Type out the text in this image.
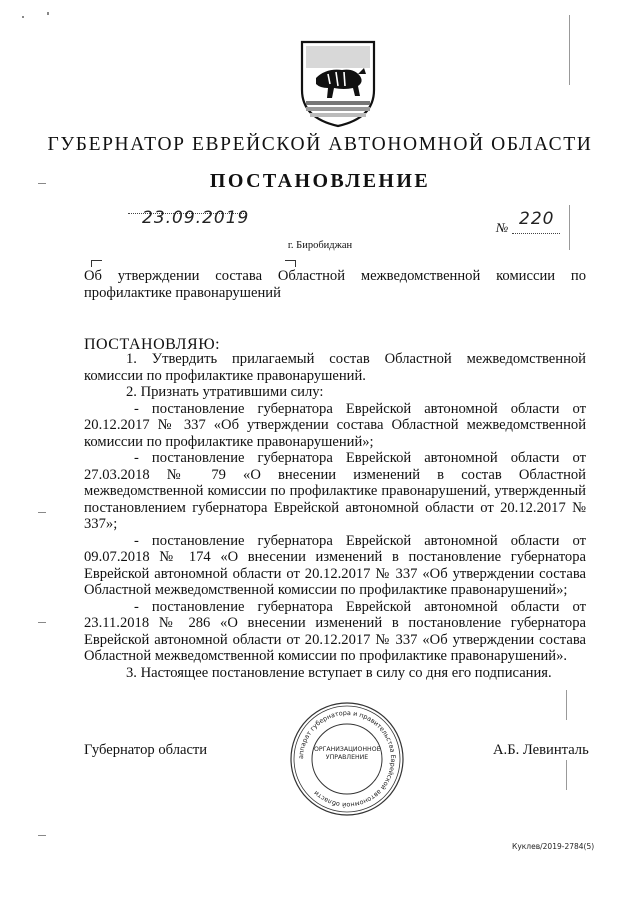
ГУБЕРНАТОР ЕВРЕЙСКОЙ АВТОНОМНОЙ ОБЛАСТИ
ПОСТАНОВЛЕНИЕ
23.09.2019	№ 220
г. Биробиджан
Об утверждении состава Областной межведомственной комиссии по профилактике правонарушений
ПОСТАНОВЛЯЮ:

1. Утвердить прилагаемый состав Областной межведомственной комиссии по профилактике правонарушений.

2. Признать утратившими силу:

- постановление губернатора Еврейской автономной области от 20.12.2017 № 337 «Об утверждении состава Областной межведомственной комиссии по профилактике правонарушений»;

- постановление губернатора Еврейской автономной области от 27.03.2018 № 79 «О внесении изменений в состав Областной межведомственной комиссии по профилактике правонарушений, утвержденный постановлением губернатора Еврейской автономной области от 20.12.2017 № 337»;

- постановление губернатора Еврейской автономной области от 09.07.2018 № 174 «О внесении изменений в постановление губернатора Еврейской автономной области от 20.12.2017 № 337 «Об утверждении состава Областной межведомственной комиссии по профилактике правонарушений»;

- постановление губернатора Еврейской автономной области от 23.11.2018 № 286 «О внесении изменений в постановление губернатора Еврейской автономной области от 20.12.2017 № 337 «Об утверждении состава Областной межведомственной комиссии по профилактике правонарушений».

3. Настоящее постановление вступает в силу со дня его подписания.

Губернатор области	А.Б. Левинталь
аппарат губернатора и правительства Еврейской автономной области
ОРГАНИЗАЦИОННОЕ УПРАВЛЕНИЕ
Куклев/2019-2784(5)
